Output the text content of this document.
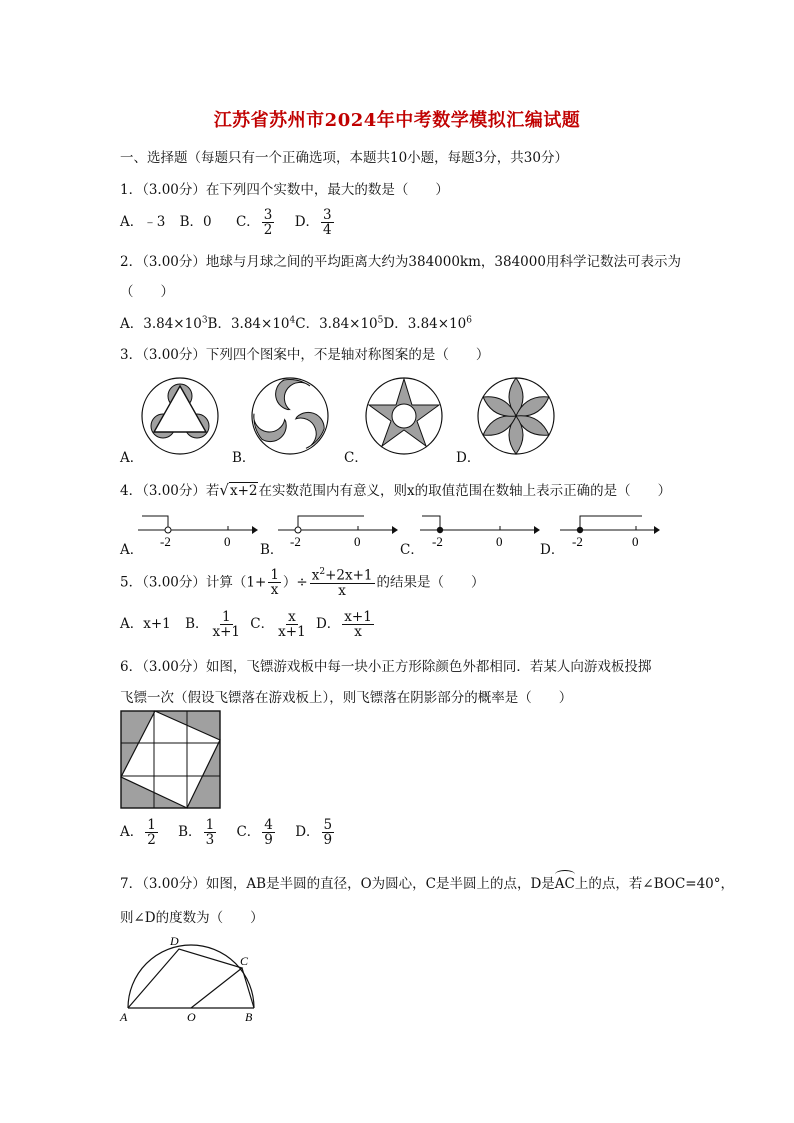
江苏省苏州市2024年中考数学模拟汇编试题
一、选择题（每题只有一个正确选项，本题共10小题，每题3分，共30分）
1．（3.00分）在下列四个实数中，最大的数是（　　）
A．﹣3 B．0 C． $\frac{3}{2}$ D． $\frac{3}{4}$
2．（3.00分）地球与月球之间的平均距离大约为384000km，384000用科学记数法可表示为
（　　）
A．$3.84\times 10^3B$．$3.84\times 10^4C$．$3.84\times 10^5D$．$3.84\times 10^6$
3．（3.00分）下列四个图案中，不是轴对称图案的是（　　）
A．	B．	C．	D．
4．（3.00分）若√x+2在实数范围内有意义，则x的取值范围在数轴上表示正确的是（　　）
-2	0	-2	0	-2	0	-2	0
A．	B．	C．	D．
5．（3.00分）计算（$1+ \frac{1}{x}$ ）÷ $\frac{x^2+2x+1}{x}$ 的结果是（　　）
A．x+1 B． $\frac{1}{x+1}$ C． $\frac{x}{x+1}$ D． $\frac{x+1}{x}$
6．（3.00分）如图，飞镖游戏板中每一块小正方形除颜色外都相同．若某人向游戏板投掷
飞镖一次（假设飞镖落在游戏板上），则飞镖落在阴影部分的概率是（　　）
A． $\frac{1}{2}$ B． $\frac{1}{3}$ C． $\frac{4}{9}$ D． $\frac{5}{9}$
7．（3.00分）如图，AB是半圆的直径，O为圆心，C是半圆上的点，D是
AC上的点，若∠BOC=40°，
则∠D的度数为（　　）
D
C
A	O	B
